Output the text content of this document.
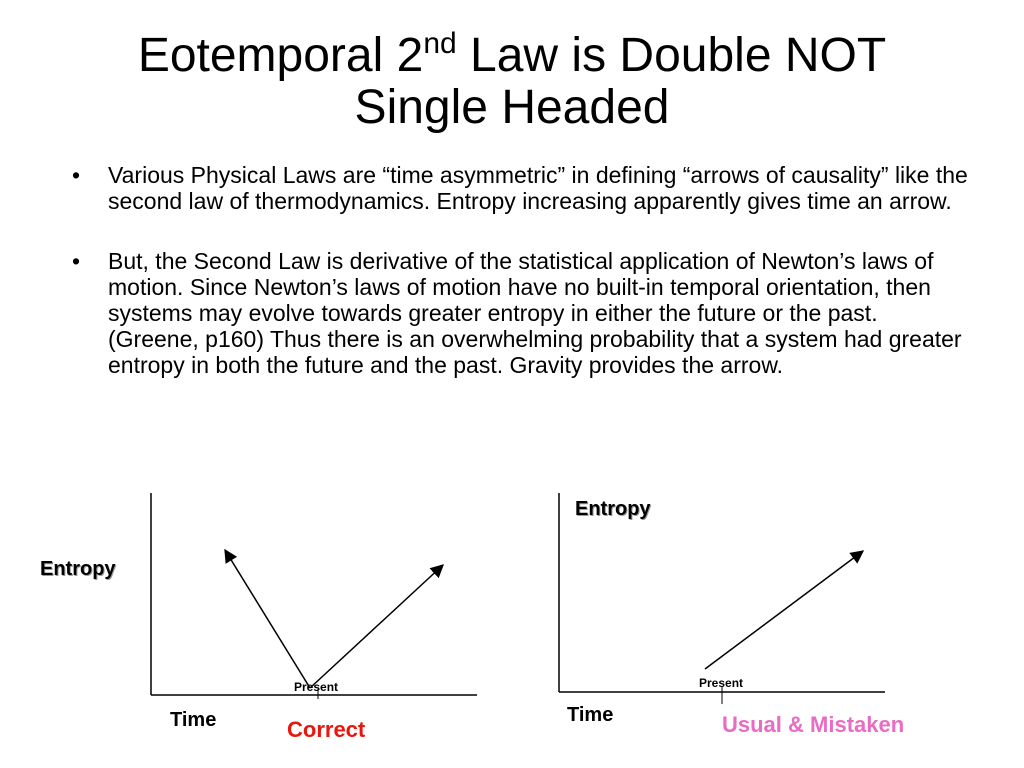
Eotemporal 2nd Law is Double NOT
Single Headed
• Various Physical Laws are “time asymmetric” in defining “arrows of causality” like the second law of thermodynamics. Entropy increasing apparently gives time an arrow.
• But, the Second Law is derivative of the statistical application of Newton’s laws of motion. Since Newton’s laws of motion have no built-in temporal orientation, then systems may evolve towards greater entropy in either the future or the past. (Greene, p160) Thus there is an overwhelming probability that a system had greater entropy in both the future and the past. Gravity provides the arrow.
Entropy
Present
Time	Correct
Entropy
Present
Time	Usual & Mistaken
